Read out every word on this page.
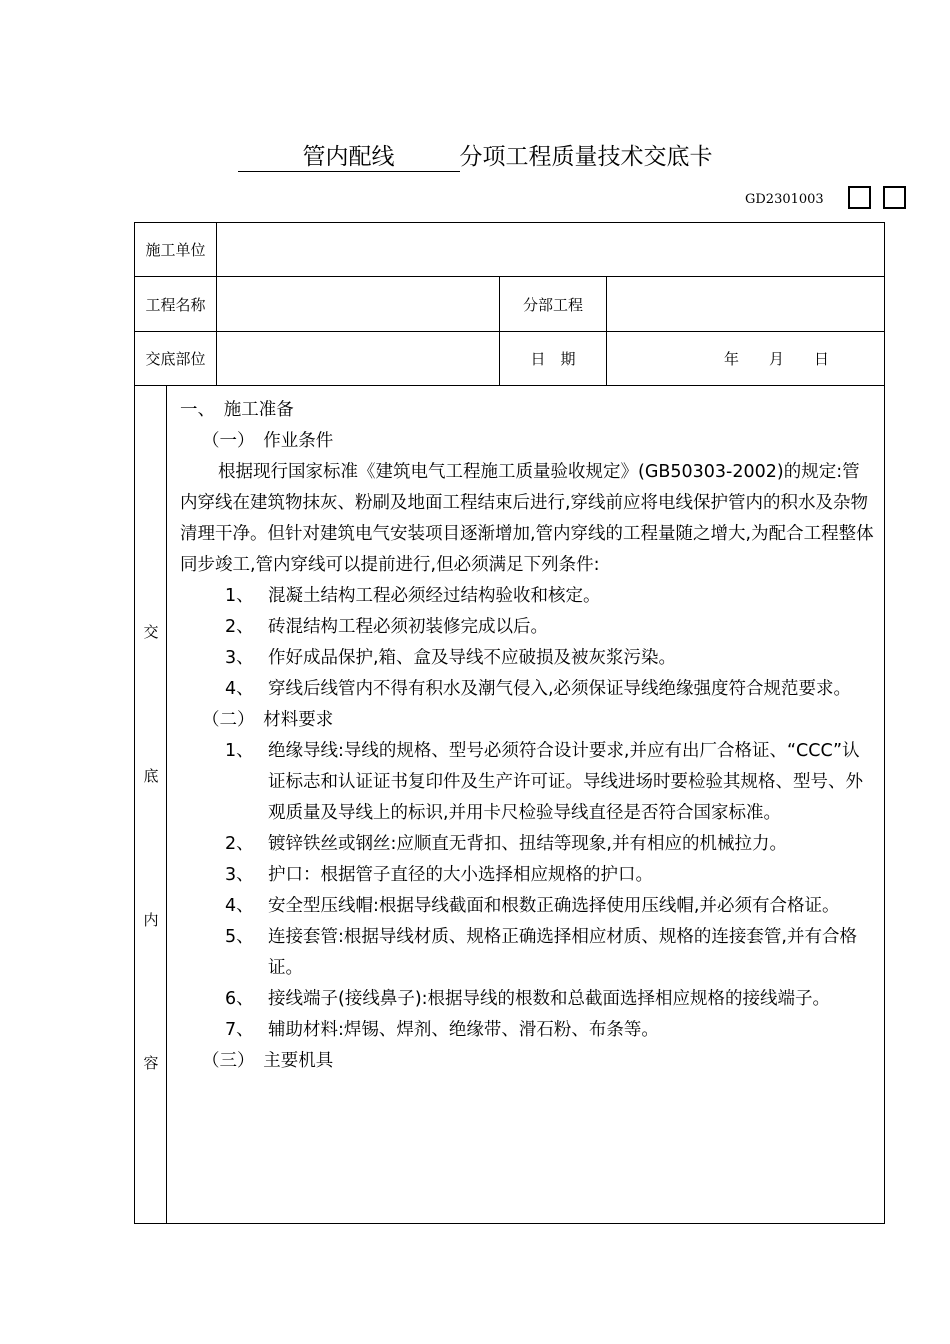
管内配线	分项工程质量技术交底卡
GD2301003
施工单位
工程名称	分部工程
交底部位	日　期	年　　月　　日
交
底
内
容
一、　施工准备
（一）　作业条件
根据现行国家标准《建筑电气工程施工质量验收规定》(GB50303-2002)的规定:管内穿线在建筑物抹灰、粉刷及地面工程结束后进行,穿线前应将电线保护管内的积水及杂物清理干净。但针对建筑电气安装项目逐渐增加,管内穿线的工程量随之增大,为配合工程整体同步竣工,管内穿线可以提前进行,但必须满足下列条件:
1、 混凝土结构工程必须经过结构验收和核定。
2、 砖混结构工程必须初装修完成以后。
3、 作好成品保护,箱、盒及导线不应破损及被灰浆污染。
4、 穿线后线管内不得有积水及潮气侵入,必须保证导线绝缘强度符合规范要求。
（二）　材料要求
1、 绝缘导线:导线的规格、型号必须符合设计要求,并应有出厂合格证、“CCC”认证标志和认证证书复印件及生产许可证。导线进场时要检验其规格、型号、外观质量及导线上的标识,并用卡尺检验导线直径是否符合国家标准。
2、 镀锌铁丝或钢丝:应顺直无背扣、扭结等现象,并有相应的机械拉力。
3、 护口：根据管子直径的大小选择相应规格的护口。
4、 安全型压线帽:根据导线截面和根数正确选择使用压线帽,并必须有合格证。
5、 连接套管:根据导线材质、规格正确选择相应材质、规格的连接套管,并有合格证。
6、 接线端子(接线鼻子):根据导线的根数和总截面选择相应规格的接线端子。
7、 辅助材料:焊锡、焊剂、绝缘带、滑石粉、布条等。
（三）　主要机具
